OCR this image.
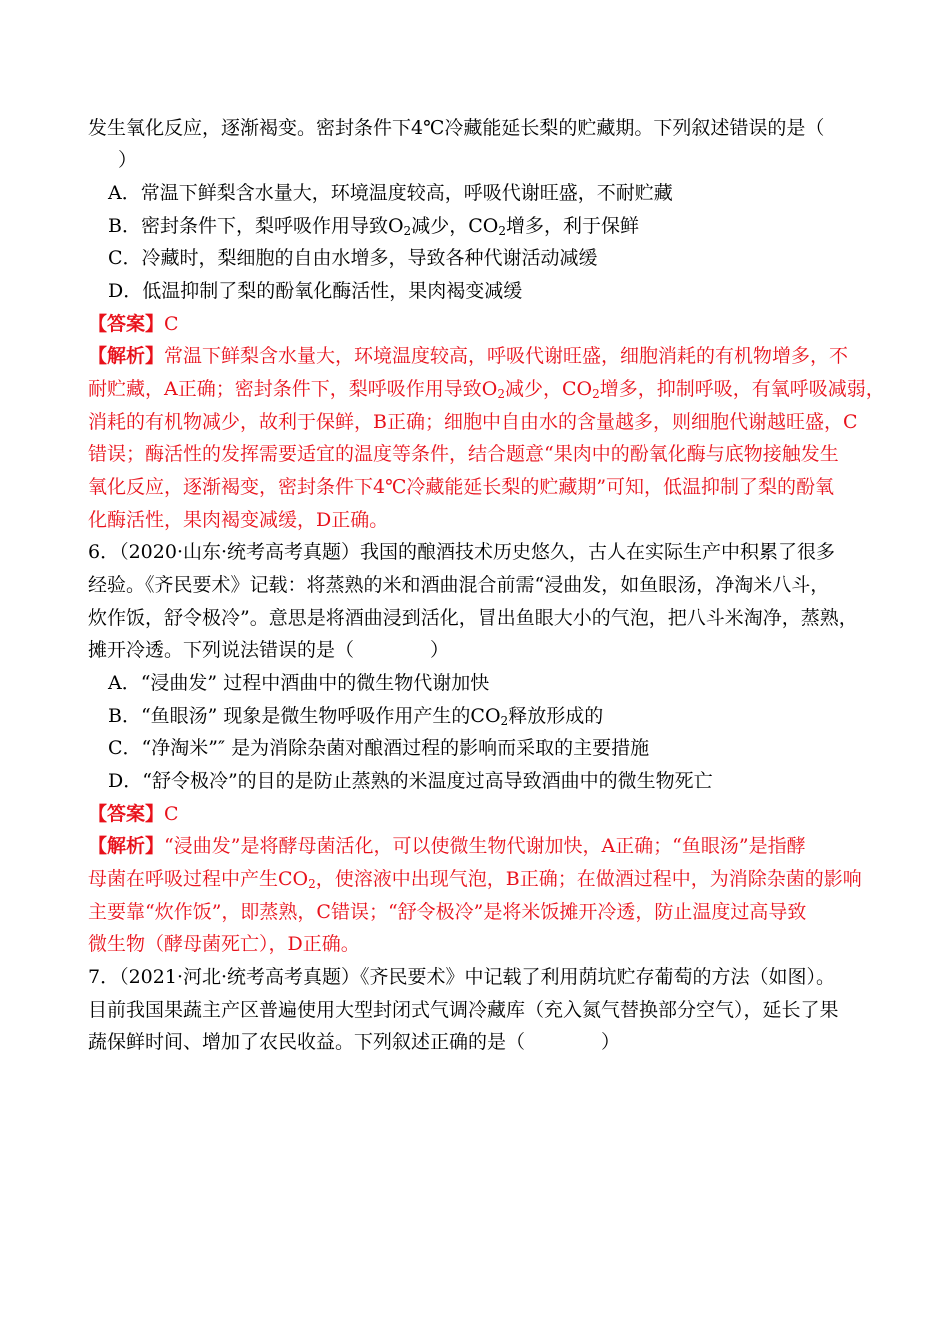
发生氧化反应，逐渐褐变。密封条件下4℃冷藏能延长梨的贮藏期。下列叙述错误的是（
）
A．常温下鲜梨含水量大，环境温度较高，呼吸代谢旺盛，不耐贮藏
B．密封条件下，梨呼吸作用导致$O_2$减少，$CO_2$增多，利于保鲜
C．冷藏时，梨细胞的自由水增多，导致各种代谢活动减缓
D．低温抑制了梨的酚氧化酶活性，果肉褐变减缓
【答案】C
【解析】常温下鲜梨含水量大，环境温度较高，呼吸代谢旺盛，细胞消耗的有机物增多，不
耐贮藏，A正确；密封条件下，梨呼吸作用导致$O_2$减少，$CO_2$增多，抑制呼吸，有氧呼吸减弱，
消耗的有机物减少，故利于保鲜，B正确；细胞中自由水的含量越多，则细胞代谢越旺盛，C
错误；酶活性的发挥需要适宜的温度等条件，结合题意“果肉中的酚氧化酶与底物接触发生
氧化反应，逐渐褐变，密封条件下4℃冷藏能延长梨的贮藏期”可知，低温抑制了梨的酚氧
化酶活性，果肉褐变减缓，D正确。
6．（2020·山东·统考高考真题）我国的酿酒技术历史悠久，古人在实际生产中积累了很多
经验。《齐民要术》记载：将蒸熟的米和酒曲混合前需“浸曲发，如鱼眼汤，净淘米八斗，
炊作饭，舒令极冷”。意思是将酒曲浸到活化，冒出鱼眼大小的气泡，把八斗米淘净，蒸熟，
摊开冷透。下列说法错误的是（　　　　）
A．“浸曲发” 过程中酒曲中的微生物代谢加快
B．“鱼眼汤” 现象是微生物呼吸作用产生的$CO_2$释放形成的
C．“净淘米”″ 是为消除杂菌对酿酒过程的影响而采取的主要措施
D．“舒令极冷”的目的是防止蒸熟的米温度过高导致酒曲中的微生物死亡
【答案】C
【解析】“浸曲发”是将酵母菌活化，可以使微生物代谢加快，A正确；“鱼眼汤”是指酵
母菌在呼吸过程中产生$CO_2$，使溶液中出现气泡，B正确；在做酒过程中，为消除杂菌的影响
主要靠“炊作饭”，即蒸熟，C错误；“舒令极冷”是将米饭摊开冷透，防止温度过高导致
微生物（酵母菌死亡），D正确。
7．（2021·河北·统考高考真题）《齐民要术》中记载了利用荫坑贮存葡萄的方法（如图）。
目前我国果蔬主产区普遍使用大型封闭式气调冷藏库（充入氮气替换部分空气），延长了果
蔬保鲜时间、增加了农民收益。下列叙述正确的是（　　　　）
